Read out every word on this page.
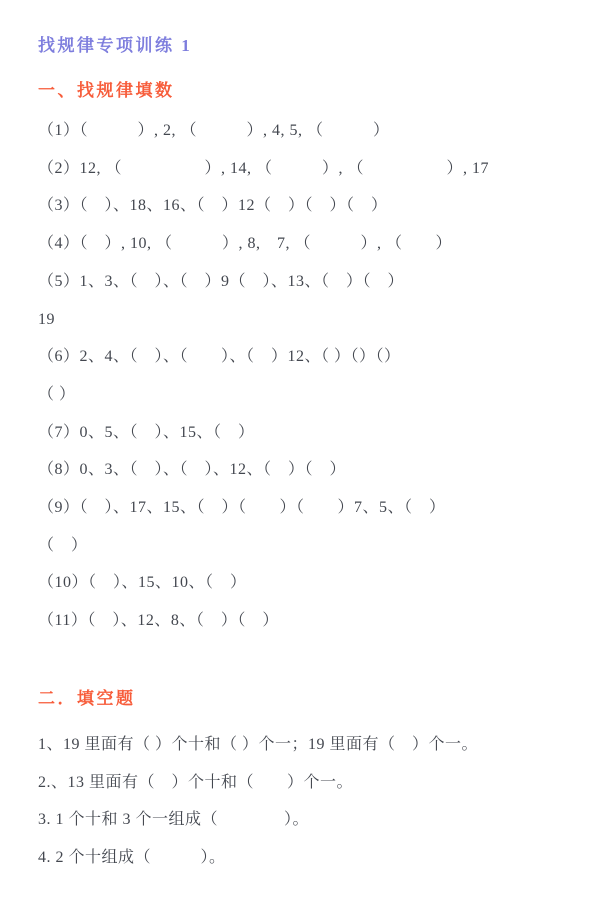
找规律专项训练 1
一、找规律填数

（1）（　　　）, 2, （　　　）, 4, 5, （　　　）

（2）12, （　　　　　）, 14, （　　　）, （　　　　　）, 17

（3）（　）、18、16、（　）12（　）（　）（　）

（4）（　）, 10, （　　　）, 8,　7, （　　　）, （　　）

（5）1、3、（　）、（　）9（　）、13、（　）（　）

19

（6）2、4、（　）、（　　）、（　）12、（ ）（）（）

（ ）

（7）0、5、（　）、15、（　）

（8）0、3、（　）、（　）、12、（　）（　）

（9）（　）、17、15、（　）（　　）（　　）7、5、（　）

（　）

（10）（　）、15、10、（　）

（11）（　）、12、8、（　）（　）

二．填空题

1、19 里面有（ ）个十和（ ）个一；19 里面有（　）个一。

2.、13 里面有（　）个十和（　　）个一。

3. 1 个十和 3 个一组成（　　　　）。

4. 2 个十组成（　　　）。
